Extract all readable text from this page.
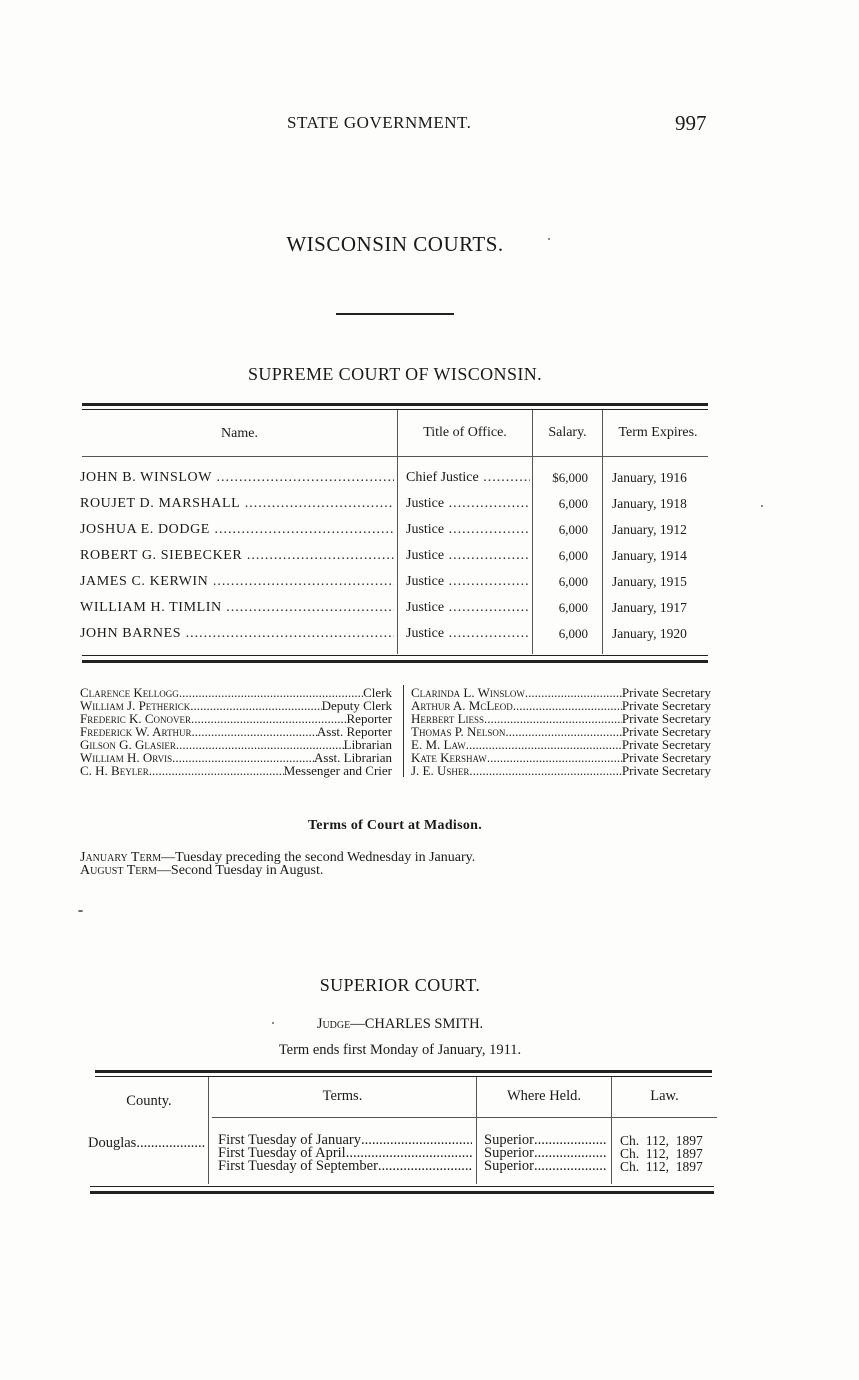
STATE GOVERNMENT.	997
WISCONSIN COURTS.
SUPREME COURT OF WISCONSIN.
Name.	Title of Office.	Salary.	Term Expires.
JOHN B. WINSLOW .....	Chief Justice .....	$6,000 January, 1916
ROUJET D. MARSHALL .....	Justice .....	6,000 January, 1918
JOSHUA E. DODGE .....	Justice .....	6,000 January, 1912
ROBERT G. SIEBECKER .....	Justice .....	6,000 January, 1914
JAMES C. KERWIN .....	Justice .....	6,000 January, 1915
WILLIAM H. TIMLIN .....	Justice .....	6,000 January, 1917
JOHN BARNES .....	Justice .....	6,000 January, 1920
Clarence Kellogg .....	Clerk
William J. Petherick .....	Deputy Clerk
Frederic K. Conover .....	Reporter
Frederick W. Arthur .....	Asst. Reporter
Gilson G. Glasier .....	Librarian
William H. Orvis .....	Asst. Librarian
C. H. Beyler .....	Messenger and Crier
Clarinda L. Winslow .....	Private Secretary
Arthur A. McLeod .....	Private Secretary
Herbert Liess .....	Private Secretary
Thomas P. Nelson .....	Private Secretary
E. M. Law .....	Private Secretary
Kate Kershaw .....	Private Secretary
J. E. Usher .....	Private Secretary
Terms of Court at Madison.
January Term—Tuesday preceding the second Wednesday in January.
August Term—Second Tuesday in August.
SUPERIOR COURT.
Judge—CHARLES SMITH.
Term ends first Monday of January, 1911.
County.	Terms.	Where Held.	Law.
Douglas .....	First Tuesday of January .....	Superior .....	Ch.  112,  1897
First Tuesday of April .....	Superior .....	Ch.  112,  1897
First Tuesday of September .....	Superior .....	Ch.  112,  1897
